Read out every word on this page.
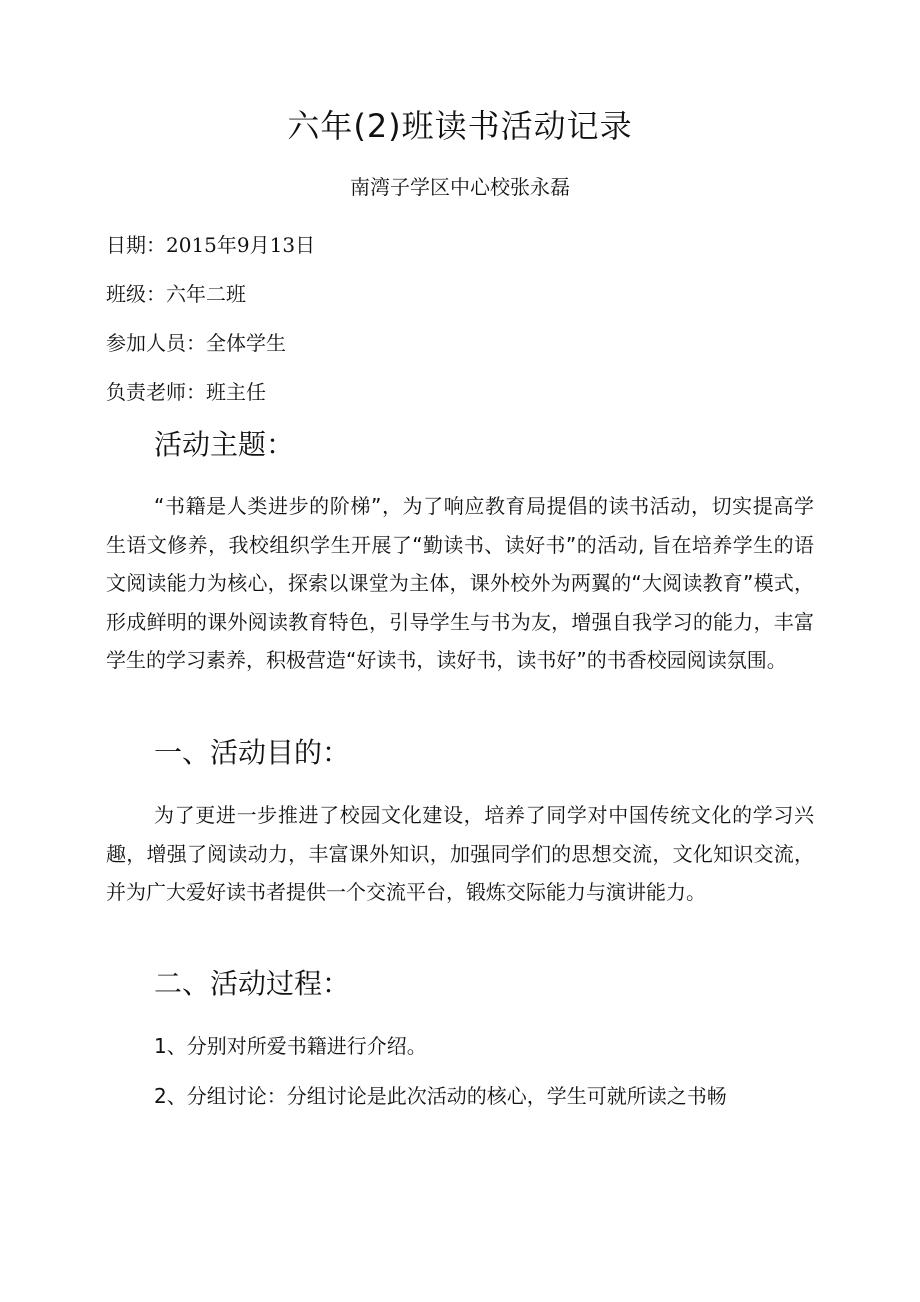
六年(2)班读书活动记录
南湾子学区中心校张永磊
日期：2015年9月13日
班级：六年二班
参加人员：全体学生
负责老师：班主任
活动主题：

“书籍是人类进步的阶梯”，为了响应教育局提倡的读书活动，切实提高学生语文修养，我校组织学生开展了“勤读书、读好书”的活动, 旨在培养学生的语文阅读能力为核心，探索以课堂为主体，课外校外为两翼的“大阅读教育”模式，形成鲜明的课外阅读教育特色，引导学生与书为友，增强自我学习的能力，丰富学生的学习素养，积极营造“好读书，读好书，读书好”的书香校园阅读氛围。

一、活动目的：

为了更进一步推进了校园文化建设，培养了同学对中国传统文化的学习兴趣，增强了阅读动力，丰富课外知识，加强同学们的思想交流，文化知识交流，并为广大爱好读书者提供一个交流平台，锻炼交际能力与演讲能力。

二、活动过程：
1、分别对所爱书籍进行介绍。
2、分组讨论：分组讨论是此次活动的核心，学生可就所读之书畅
